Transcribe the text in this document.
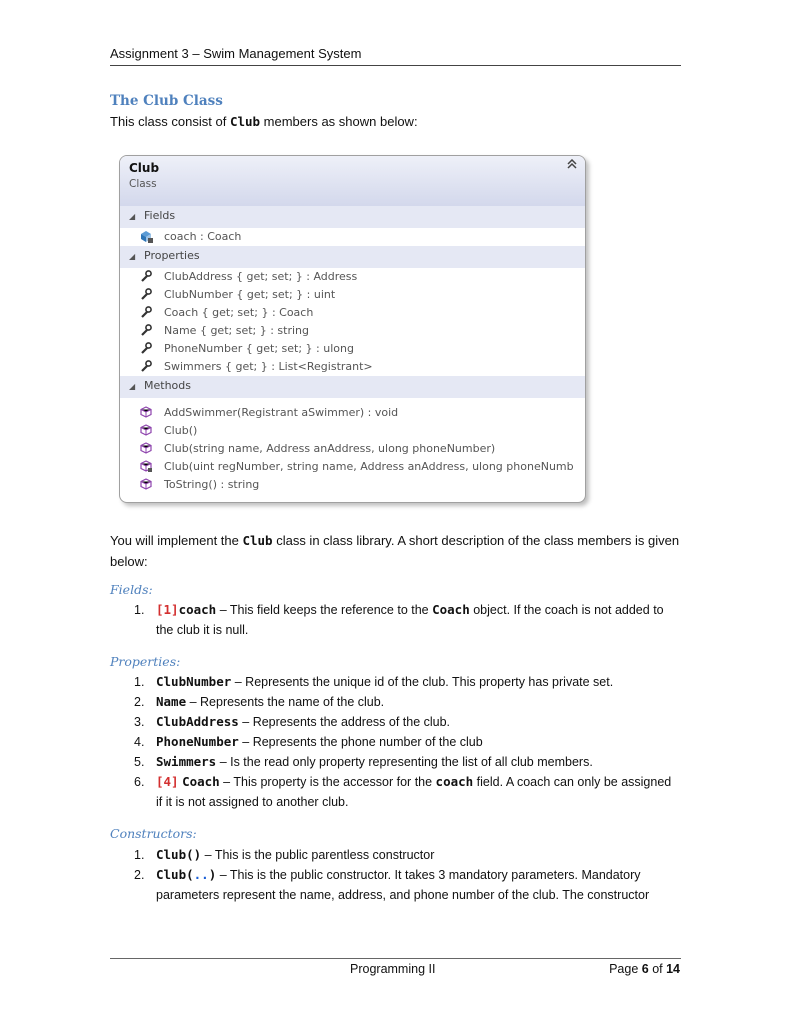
Assignment 3 – Swim Management System
The Club Class
This class consist of Club members as shown below:
Club
Class
◢ Fields
coach : Coach
◢ Properties
ClubAddress { get; set; } : Address
ClubNumber { get; set; } : uint
Coach { get; set; } : Coach
Name { get; set; } : string
PhoneNumber { get; set; } : ulong
Swimmers { get; } : List<Registrant>
◢ Methods
AddSwimmer(Registrant aSwimmer) : void
Club()
Club(string name, Address anAddress, ulong phoneNumber)
Club(uint regNumber, string name, Address anAddress, ulong phoneNumb
ToString() : string
You will implement the Club class in class library. A short description of the class members is given below:
Fields:
1. [1]coach – This field keeps the reference to the Coach object. If the coach is not added to the club it is null.
Properties:
1. ClubNumber – Represents the unique id of the club. This property has private set.
2. Name – Represents the name of the club.
3. ClubAddress – Represents the address of the club.
4. PhoneNumber – Represents the phone number of the club
5. Swimmers – Is the read only property representing the list of all club members.
6. [4] Coach – This property is the accessor for the coach field. A coach can only be assigned if it is not assigned to another club.
Constructors:
1. Club() – This is the public parentless constructor
2. Club(..) – This is the public constructor. It takes 3 mandatory parameters. Mandatory parameters represent the name, address, and phone number of the club. The constructor
Programming II	Page 6 of 14
